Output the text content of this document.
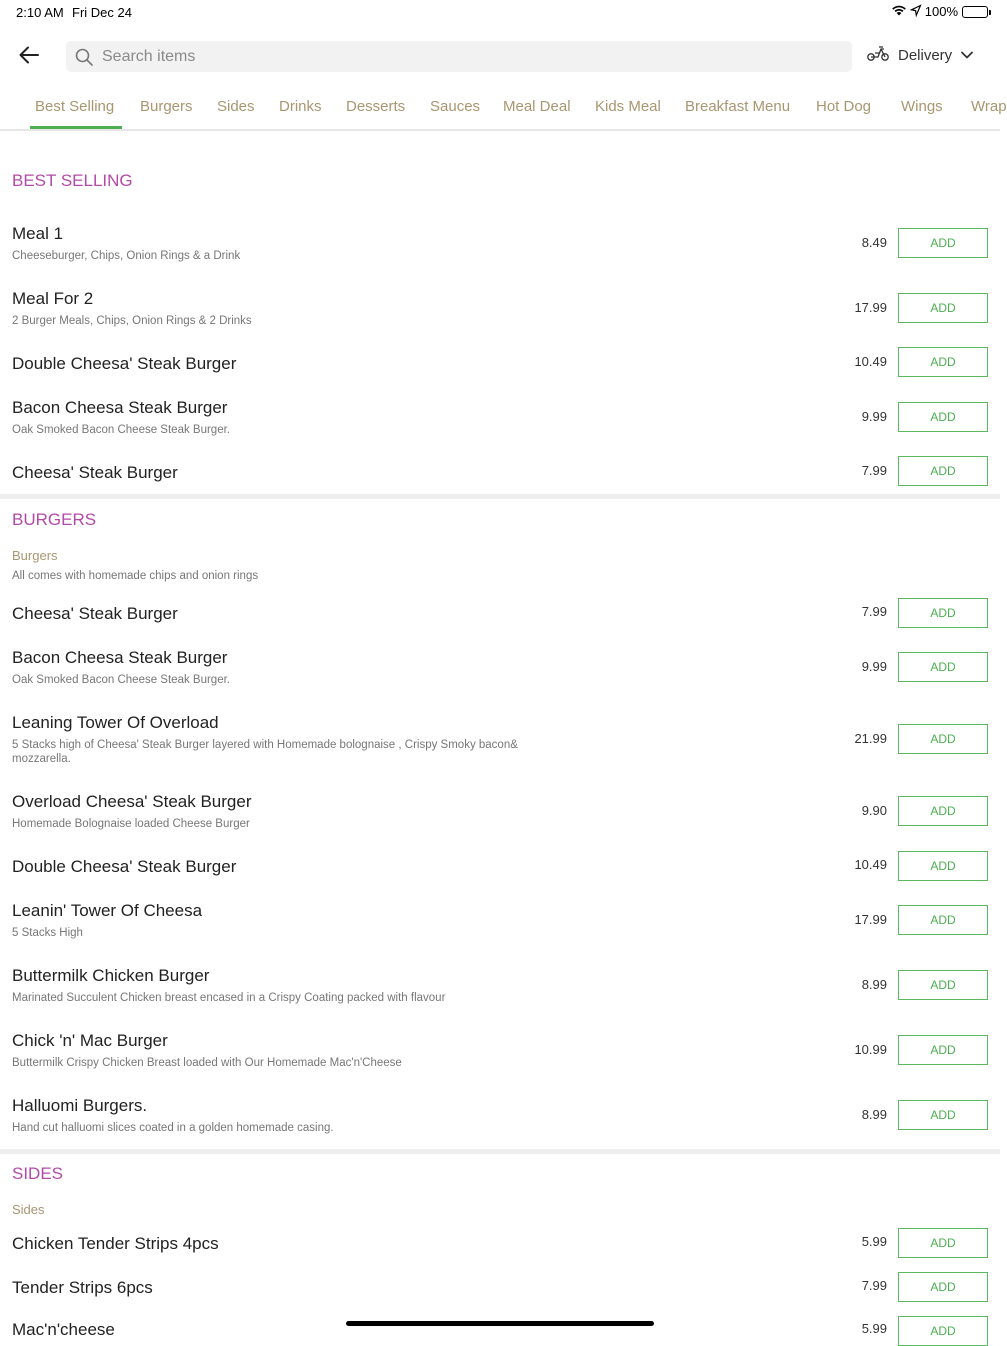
2:10 AM Fri Dec 24	100%
Search items
Delivery
Best Selling Burgers Sides Drinks Desserts Sauces Meal Deal Kids Meal Breakfast Menu Hot Dog Wings Wrap
BEST SELLING
Meal 1
Cheeseburger, Chips, Onion Rings & a Drink
8.49	ADD
Meal For 2
2 Burger Meals, Chips, Onion Rings & 2 Drinks
17.99	ADD
Double Cheesa' Steak Burger	10.49	ADD
Bacon Cheesa Steak Burger
Oak Smoked Bacon Cheese Steak Burger.
9.99	ADD
Cheesa' Steak Burger	7.99	ADD
BURGERS
Burgers
All comes with homemade chips and onion rings
Cheesa' Steak Burger	7.99	ADD
Bacon Cheesa Steak Burger
Oak Smoked Bacon Cheese Steak Burger.
9.99	ADD
Leaning Tower Of Overload
5 Stacks high of Cheesa' Steak Burger layered with Homemade bolognaise , Crispy Smoky bacon& mozzarella.
21.99	ADD
Overload Cheesa' Steak Burger
Homemade Bolognaise loaded Cheese Burger
9.90	ADD
Double Cheesa' Steak Burger	10.49	ADD
Leanin' Tower Of Cheesa
5 Stacks High
17.99	ADD
Buttermilk Chicken Burger
Marinated Succulent Chicken breast encased in a Crispy Coating packed with flavour
8.99	ADD
Chick 'n' Mac Burger
Buttermilk Crispy Chicken Breast loaded with Our Homemade Mac'n'Cheese
10.99	ADD
Halluomi Burgers.
Hand cut halluomi slices coated in a golden homemade casing.
8.99	ADD
SIDES
Sides
Chicken Tender Strips 4pcs	5.99	ADD
Tender Strips 6pcs	7.99	ADD
Mac'n'cheese	5.99	ADD
